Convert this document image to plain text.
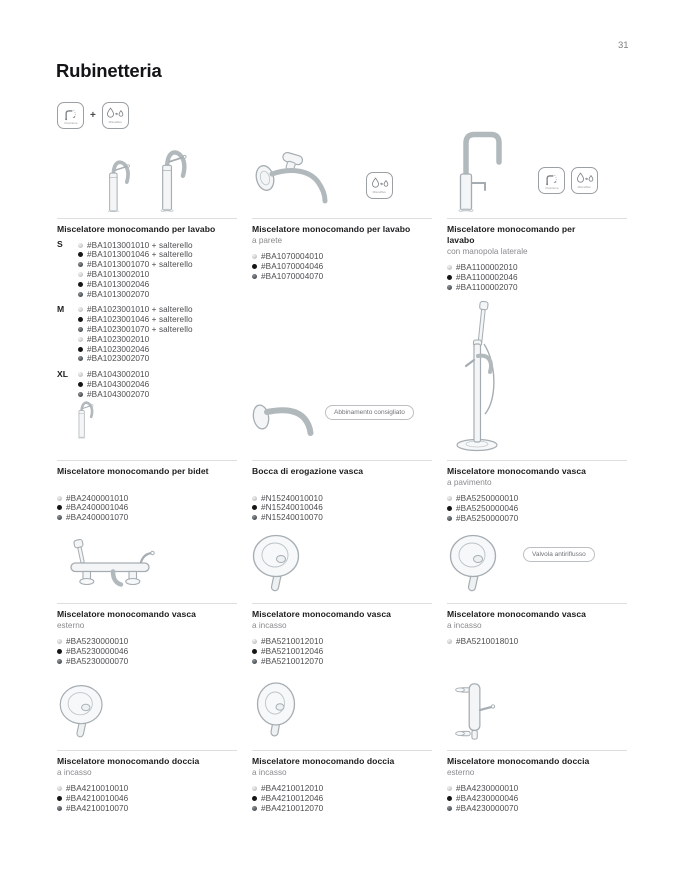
31
Rubinetteria
Posizione
+
Miscelflus
Miscelflus
Posizione	Miscelflus
Abbinamento consigliato
Valvola antiriflusso
Miscelatore monocomando per lavabo
S	#BA1013001010 + salterello
#BA1013001046 + salterello
#BA1013001070 + salterello
#BA1013002010
#BA1013002046
#BA1013002070
M	#BA1023001010 + salterello
#BA1023001046 + salterello
#BA1023001070 + salterello
#BA1023002010
#BA1023002046
#BA1023002070
XL	#BA1043002010
#BA1043002046
#BA1043002070
Miscelatore monocomando per lavabo
a parete
#BA1070004010
#BA1070004046
#BA1070004070
Miscelatore monocomando per lavabo
con manopola laterale
#BA1100002010
#BA1100002046
#BA1100002070
Miscelatore monocomando per bidet
#BA2400001010
#BA2400001046
#BA2400001070
Bocca di erogazione vasca
#N15240010010
#N15240010046
#N15240010070
Miscelatore monocomando vasca
a pavimento
#BA5250000010
#BA5250000046
#BA5250000070
Miscelatore monocomando vasca
esterno
#BA5230000010
#BA5230000046
#BA5230000070
Miscelatore monocomando vasca
a incasso
#BA5210012010
#BA5210012046
#BA5210012070
Miscelatore monocomando vasca
a incasso
#BA5210018010
Miscelatore monocomando doccia
a incasso
#BA4210010010
#BA4210010046
#BA4210010070
Miscelatore monocomando doccia
a incasso
#BA4210012010
#BA4210012046
#BA4210012070
Miscelatore monocomando doccia
esterno
#BA4230000010
#BA4230000046
#BA4230000070
